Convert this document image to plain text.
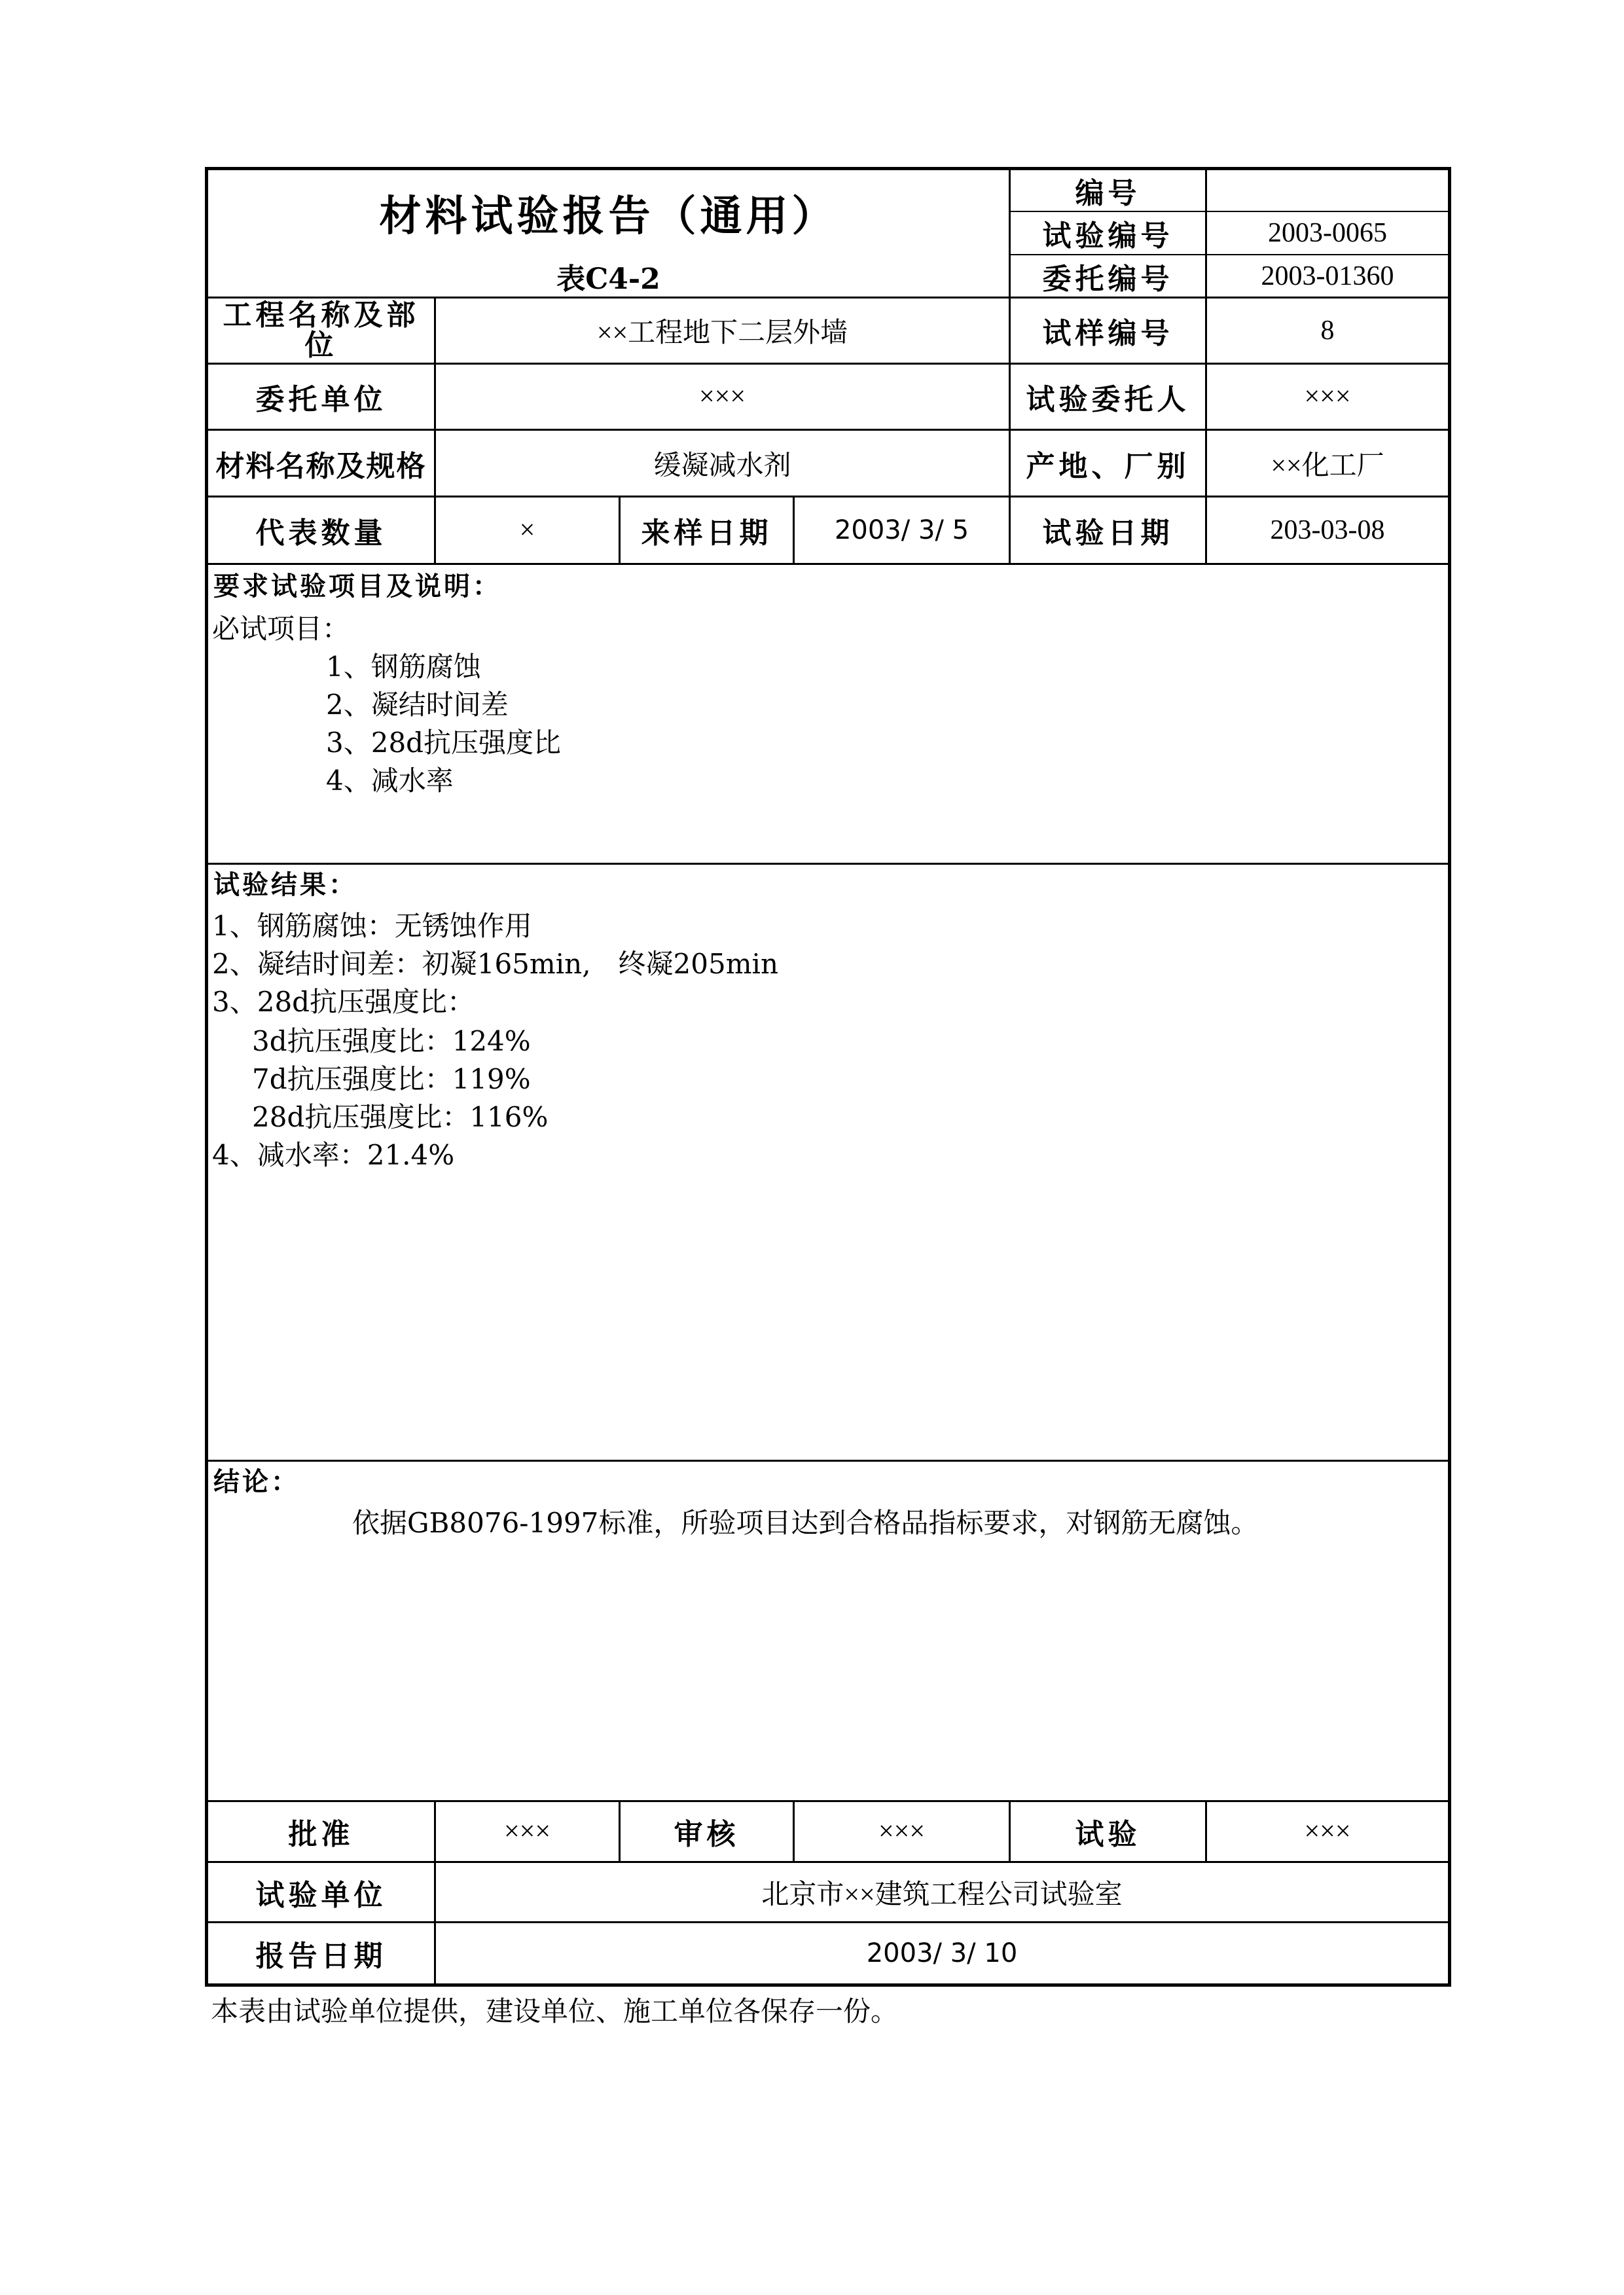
材料试验报告（通用）
表C4-2
编号
试验编号	2003-0065
委托编号	2003-01360
工程名称及部
位	××工程地下二层外墙	试样编号	8
委托单位	×××	试验委托人	×××
材料名称及规格	缓凝减水剂	产地、厂别	××化工厂
代表数量	×	来样日期	2003/ 3/ 5	试验日期	203-03-08
要求试验项目及说明：
必试项目：
1、钢筋腐蚀
2、凝结时间差
3、28d抗压强度比
4、减水率
试验结果：
1、钢筋腐蚀：无锈蚀作用
2、凝结时间差：初凝165min,　终凝205min
3、28d抗压强度比：
3d抗压强度比：124%
7d抗压强度比：119%
28d抗压强度比：116%
4、减水率：21.4%
结论：
依据GB8076-1997标准，所验项目达到合格品指标要求，对钢筋无腐蚀。
批准	×××	审核	×××	试验	×××
试验单位	北京市××建筑工程公司试验室
报告日期	2003/ 3/ 10
本表由试验单位提供，建设单位、施工单位各保存一份。
